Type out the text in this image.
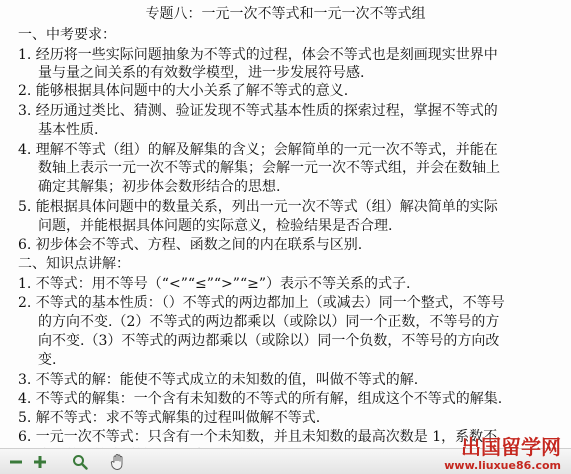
专题八：一元一次不等式和一元一次不等式组
一、中考要求：
1. 经历将一些实际问题抽象为不等式的过程，体会不等式也是刻画现实世界中
量与量之间关系的有效数学模型，进一步发展符号感.
2. 能够根据具体问题中的大小关系了解不等式的意义.
3. 经历通过类比、猜测、验证发现不等式基本性质的探索过程，掌握不等式的
基本性质.
4. 理解不等式（组）的解及解集的含义；会解简单的一元一次不等式，并能在
数轴上表示一元一次不等式的解集；会解一元一次不等式组，并会在数轴上
确定其解集；初步体会数形结合的思想.
5. 能根据具体问题中的数量关系，列出一元一次不等式（组）解决简单的实际
问题，并能根据具体问题的实际意义，检验结果是否合理.
6. 初步体会不等式、方程、函数之间的内在联系与区别.
二、知识点讲解：
1. 不等式：用不等号（“<”“≤”“>”“≥”）表示不等关系的式子.
2. 不等式的基本性质：（）不等式的两边都加上（或减去）同一个整式，不等号
的方向不变.（2）不等式的两边都乘以（或除以）同一个正数，不等号的方
向不变.（3）不等式的两边都乘以（或除以）同一个负数，不等号的方向改
变.
3. 不等式的解：能使不等式成立的未知数的值，叫做不等式的解.
4. 不等式的解集：一个含有未知数的不等式的所有解，组成这个不等式的解集.
5. 解不等式：求不等式解集的过程叫做解不等式.
6. 一元一次不等式：只含有一个未知数，并且未知数的最高次数是 1，系数不
出国留学网
www.liuxue86.com
